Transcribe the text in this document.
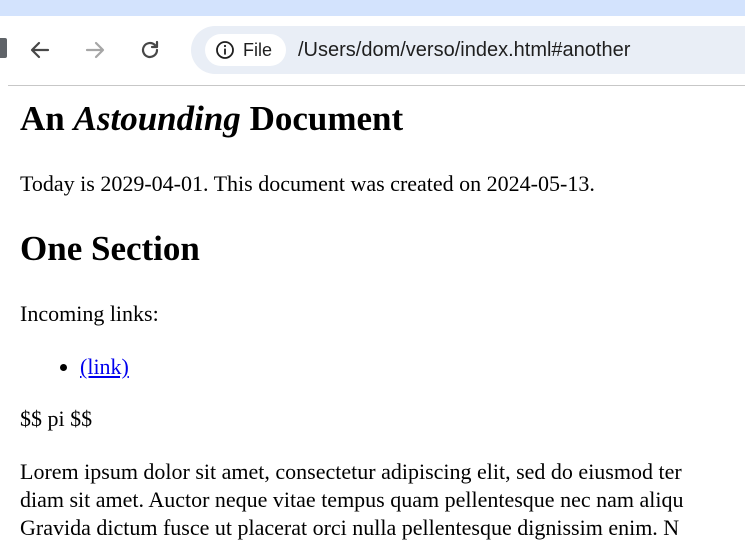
File /Users/dom/verso/index.html#another
An Astounding Document

Today is 2029-04-01. This document was created on 2024-05-13.

One Section

Incoming links:

• (link)

$$ pi $$

Lorem ipsum dolor sit amet, consectetur adipiscing elit, sed do eiusmod ter
diam sit amet. Auctor neque vitae tempus quam pellentesque nec nam aliqu
Gravida dictum fusce ut placerat orci nulla pellentesque dignissim enim. N
